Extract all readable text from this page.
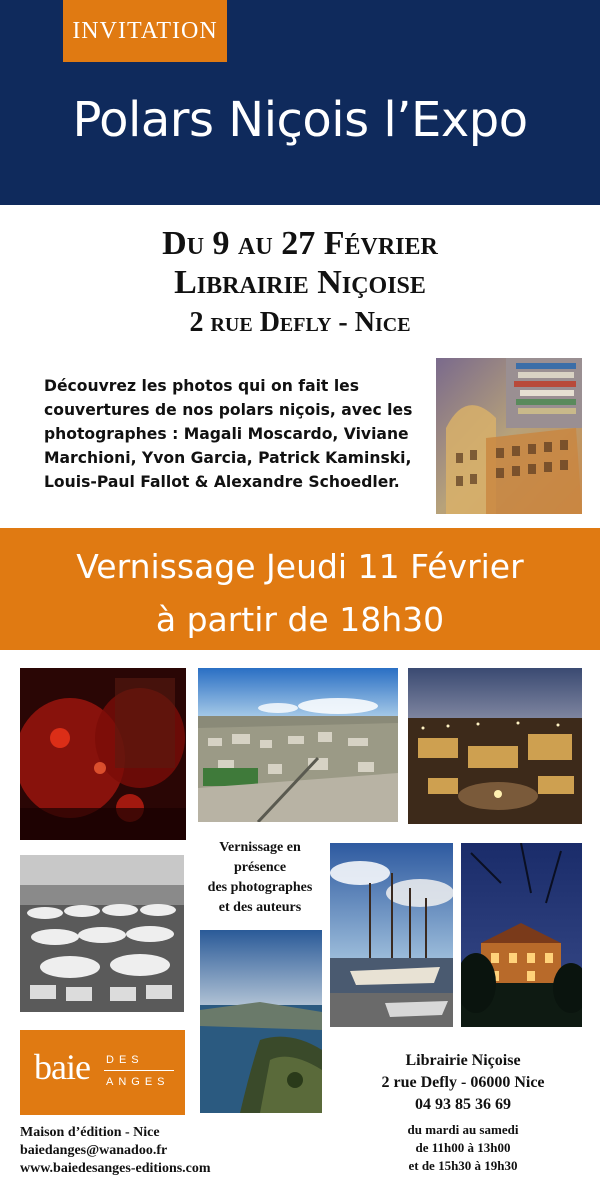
INVITATION
Polars Niçois l’Expo
Du 9 au 27 Février
Librairie Niçoise
2 rue Defly - Nice
Découvrez les photos qui on fait les
couvertures de nos polars niçois, avec les
photographes : Magali Moscardo, Viviane
Marchioni, Yvon Garcia, Patrick Kaminski,
Louis-Paul Fallot & Alexandre Schoedler.
Vernissage Jeudi 11 Février
à partir de 18h30
Vernissage en
présence
des photographes
et des auteurs
baie DES
ANGES
Maison d’édition - Nice
baiedanges@wanadoo.fr
www.baiedesanges-editions.com
Librairie Niçoise
2 rue Defly - 06000 Nice
04 93 85 36 69
du mardi au samedi
de 11h00 à 13h00
et de 15h30 à 19h30
